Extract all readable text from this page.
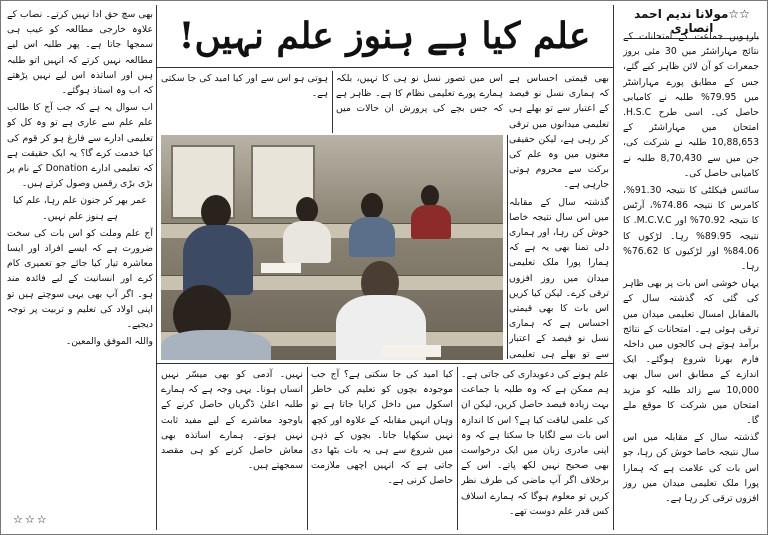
☆☆مولانا ندیم احمد انصاری
علم کیا ہے ہنوز علم نہیں!	بارہویں جماعت کے امتحانات کے نتائج مہاراشٹر میں 30 مئی بروز جمعرات کو آن لائن ظاہر کیے گئے، جس کے مطابق پورے مہاراشٹر میں 79.95% طلبہ نے کامیابی حاصل کی۔ اسی طرح H.S.C. امتحان میں مہاراشٹر کے 10,88,653 طلبہ نے شرکت کی، جن میں سے 8,70,430 طلبہ نے کامیابی حاصل کی۔

سائنس فیکلٹی کا نتیجہ 91.30%، کامرس کا نتیجہ 74.86%، آرٹس کا نتیجہ 70.92% اور M.C.V.C. کا نتیجہ 89.95% رہا۔ لڑکوں کا 84.06% اور لڑکیوں کا 76.62% رہا۔

یہاں خوشی اس بات پر بھی ظاہر کی گئی کہ گذشتہ سال کے بالمقابل امسال تعلیمی میدان میں ترقی ہوئی ہے۔ امتحانات کے نتائج برآمد ہوتے ہی کالجوں میں داخلہ فارم بھرنا شروع ہوگئے۔ ایک اندازے کے مطابق اس سال بھی 10,000 سے زائد طلبہ کو مزید امتحان میں شرکت کا موقع ملے گا۔

گذشتہ سال کے مقابلہ میں اس سال نتیجہ خاصا خوش کن رہا، جو اس بات کی علامت ہے کہ ہمارا پورا ملک تعلیمی میدان میں روز افزوں ترقی کر رہا ہے۔

بھی قیمتی احساس ہے کہ ہماری نسل نو فیصد کے اعتبار سے تو بھلے ہی تعلیمی میدانوں میں ترقی کر رہی ہے، لیکن حقیقی معنوں میں وہ علم کی برکت سے محروم ہوتی جارہی ہے۔

گذشتہ سال کے مقابلہ میں اس سال نتیجہ خاصا خوش کن رہا، اور ہماری دلی تمنا بھی یہ ہے کہ ہمارا پورا ملک تعلیمی میدان میں روز افزوں ترقی کرے۔ لیکن کیا کریں اس بات کا بھی قیمتی احساس ہے کہ ہماری نسل نو فیصد کے اعتبار سے تو بھلے ہی تعلیمی

اس میں تصور نسل نو ہی کا نہیں، بلکہ ہمارے پورے تعلیمی نظام کا ہے۔ ظاہر ہے کہ جس بچے کی پرورش ان حالات میں ہوتی ہو اس سے اور کیا امید کی جا سکتی ہے۔

بھی سچ حق ادا نہیں کرتے۔ نصاب کے علاوہ خارجی مطالعہ کو عیب ہی سمجھا جاتا ہے۔ پھر طلبہ اس لیے مطالعہ نہیں کرتے کہ انہیں اتو طلبہ ہیں اور اساتذہ اس لیے نہیں پڑھتے کہ اب وہ استاذ ہوگئے۔

اب سوال یہ ہے کہ جب آج کا طالب علم علم سے عاری ہے تو وہ کل کو تعلیمی ادارے سے فارغ ہو کر قوم کی کیا خدمت کرے گا؟ یہ ایک حقیقت ہے کہ تعلیمی ادارے Donation کے نام پر بڑی بڑی رقمیں وصول کرتے ہیں۔

عمر بھر کر جنون علم رہا، علم کیا ہے ہنوز علم نہیں۔

آج علم وملت کو اس بات کی سخت ضرورت ہے کہ ایسے افراد اور ایسا معاشرہ تیار کیا جائے جو تعمیری کام کرے اور انسانیت کے لیے فائدہ مند ہو۔ اگر آپ بھی یہی سوچتے ہیں تو اپنی اولاد کی تعلیم و تربیت پر توجہ دیجیے۔

واللہ الموفق والمعین۔

☆☆☆

نہیں۔ آدمی کو بھی میسّر نہیں انساں ہونا۔ یہی وجہ ہے کہ ہمارے طلبہ اعلیٰ ڈگریاں حاصل کرنے کے باوجود معاشرے کے لیے مفید ثابت نہیں ہوتے۔ ہمارے اساتذہ بھی معاش حاصل کرنے کو ہی مقصد سمجھتے ہیں۔

کیا امید کی جا سکتی ہے؟ آج جب موجودہ بچوں کو تعلیم کی خاطر اسکول میں داخل کرایا جاتا ہے تو وہاں انہیں مقابلہ کے علاوہ اور کچھ نہیں سکھایا جاتا۔ بچوں کے ذہن میں شروع سے ہی یہ بات بٹھا دی جاتی ہے کہ انہیں اچھی ملازمت حاصل کرنی ہے۔

علم ہونے کی دعویداری کی جاتی ہے۔ ہم ممکن ہے کہ وہ طلبہ با جماعت بہت زیادہ فیصد حاصل کریں، لیکن ان کی علمی لیاقت کیا ہے؟ اس کا اندازہ اس بات سے لگایا جا سکتا ہے کہ وہ اپنی مادری زبان میں ایک درخواست بھی صحیح نہیں لکھ پاتے۔ اس کے برخلاف اگر آپ ماضی کی طرف نظر کریں تو معلوم ہوگا کہ ہمارے اسلاف کس قدر علم دوست تھے۔
